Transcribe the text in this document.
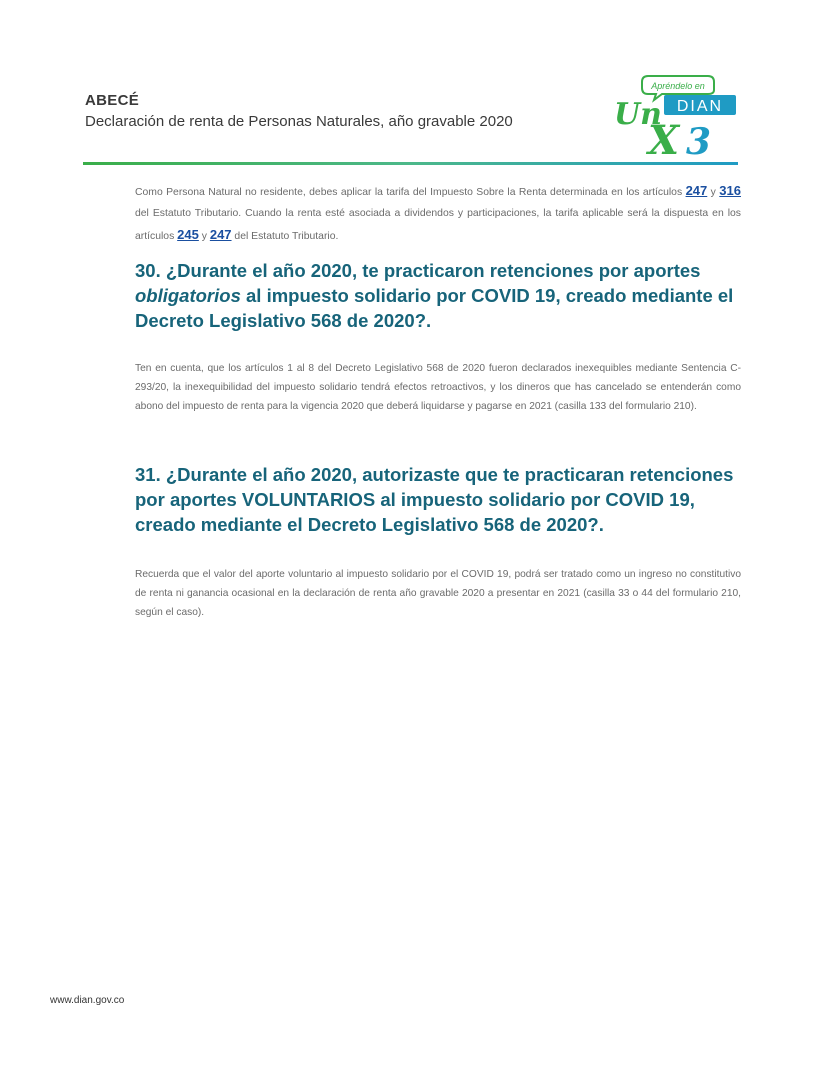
ABECÉ
Declaración de renta de Personas Naturales, año gravable 2020
Apréndelo en
Un DIAN
X 3
Como Persona Natural no residente, debes aplicar la tarifa del Impuesto Sobre la Renta determinada en los artículos 247 y 316 del Estatuto Tributario. Cuando la renta esté asociada a dividendos y participaciones, la tarifa aplicable será la dispuesta en los artículos 245 y 247 del Estatuto Tributario.
30. ¿Durante el año 2020, te practicaron retenciones por aportes obligatorios al impuesto solidario por COVID 19, creado mediante el Decreto Legislativo 568 de 2020?.
Ten en cuenta, que los artículos 1 al 8 del Decreto Legislativo 568 de 2020 fueron declarados inexequibles mediante Sentencia C-293/20, la inexequibilidad del impuesto solidario tendrá efectos retroactivos, y los dineros que has cancelado se entenderán como abono del impuesto de renta para la vigencia 2020 que deberá liquidarse y pagarse en 2021 (casilla 133 del formulario 210).
31. ¿Durante el año 2020, autorizaste que te practicaran retenciones por aportes VOLUNTARIOS al impuesto solidario por COVID 19, creado mediante el Decreto Legislativo 568 de 2020?.
Recuerda que el valor del aporte voluntario al impuesto solidario por el COVID 19, podrá ser tratado como un ingreso no constitutivo de renta ni ganancia ocasional en la declaración de renta año gravable 2020 a presentar en 2021 (casilla 33 o 44 del formulario 210, según el caso).
www.dian.gov.co
